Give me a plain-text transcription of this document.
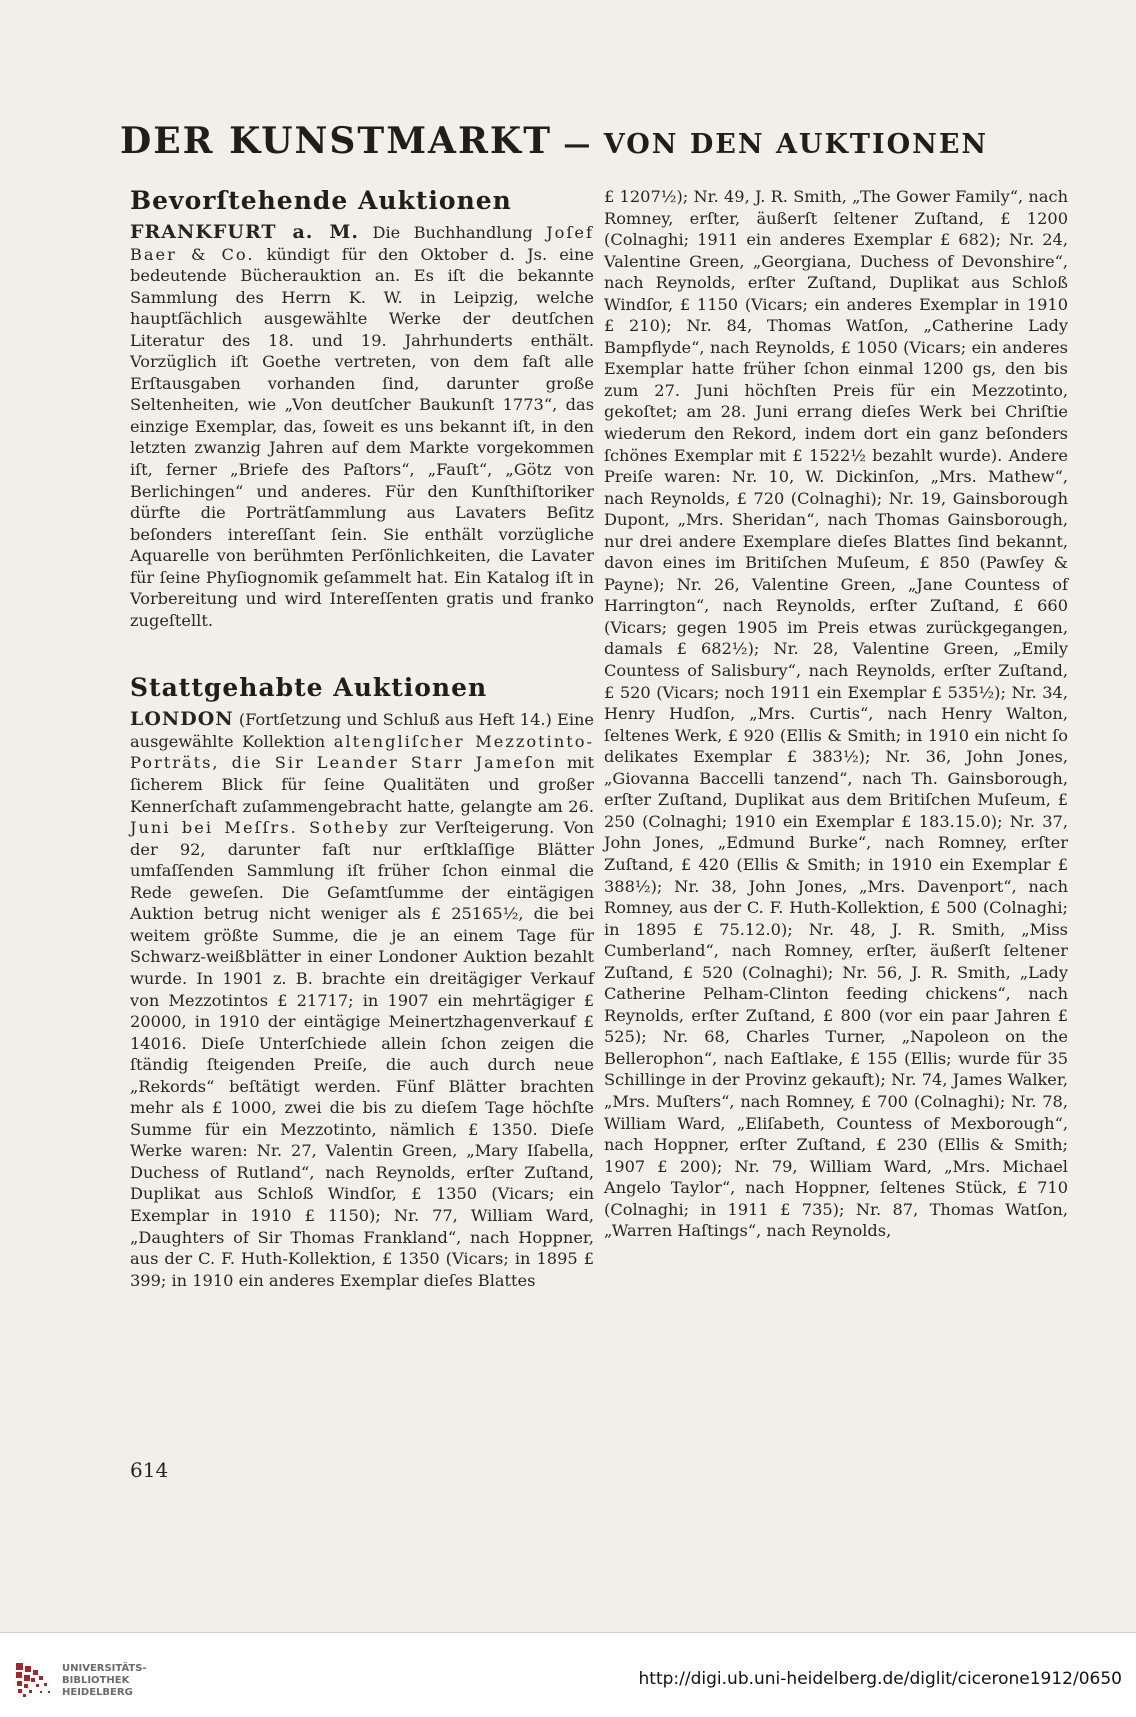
DER KUNSTMARKT — VON DEN AUKTIONEN
Bevorſtehende Auktionen

FRANKFURT a. M. Die Buchhandlung Joſef Baer & Co. kündigt für den Oktober d. Js. eine bedeutende Bücherauktion an. Es iſt die bekannte Sammlung des Herrn K. W. in Leipzig, welche hauptſächlich ausgewählte Werke der deutſchen Literatur des 18. und 19. Jahrhunderts enthält. Vorzüglich iſt Goethe vertreten, von dem faſt alle Erſtausgaben vorhanden ſind, darunter große Seltenheiten, wie „Von deutſcher Baukunſt 1773“, das einzige Exemplar, das, ſoweit es uns bekannt iſt, in den letzten zwanzig Jahren auf dem Markte vorgekommen iſt, ferner „Briefe des Paſtors“, „Fauſt“, „Götz von Berlichingen“ und anderes. Für den Kunſthiſtoriker dürfte die Porträtſammlung aus Lavaters Beſitz beſonders intereſſant ſein. Sie enthält vorzügliche Aquarelle von berühmten Perſönlichkeiten, die Lavater für ſeine Phyſiognomik geſammelt hat. Ein Katalog iſt in Vorbereitung und wird Intereſſenten gratis und franko zugeſtellt.

Stattgehabte Auktionen

LONDON (Fortſetzung und Schluß aus Heft 14.) Eine ausgewählte Kollektion altengliſcher Mezzotinto-Porträts, die Sir Leander Starr Jameſon mit ſicherem Blick für ſeine Qualitäten und großer Kennerſchaft zuſammengebracht hatte, gelangte am 26. Juni bei Meſſrs. Sotheby zur Verſteigerung. Von der 92, darunter faſt nur erſtklaſſige Blätter umfaſſenden Sammlung iſt früher ſchon einmal die Rede geweſen. Die Geſamtſumme der eintägigen Auktion betrug nicht weniger als £ 25165½, die bei weitem größte Summe, die je an einem Tage für Schwarz-weißblätter in einer Londoner Auktion bezahlt wurde. In 1901 z. B. brachte ein dreitägiger Verkauf von Mezzotintos £ 21717; in 1907 ein mehrtägiger £ 20000, in 1910 der eintägige Meinertzhagenverkauf £ 14016. Dieſe Unterſchiede allein ſchon zeigen die ſtändig ſteigenden Preiſe, die auch durch neue „Rekords“ beſtätigt werden. Fünf Blätter brachten mehr als £ 1000, zwei die bis zu dieſem Tage höchſte Summe für ein Mezzotinto, nämlich £ 1350. Dieſe Werke waren: Nr. 27, Valentin Green, „Mary Iſabella, Duchess of Rutland“, nach Reynolds, erſter Zuſtand, Duplikat aus Schloß Windſor, £ 1350 (Vicars; ein Exemplar in 1910 £ 1150); Nr. 77, William Ward, „Daughters of Sir Thomas Frankland“, nach Hoppner, aus der C. F. Huth-Kollektion, £ 1350 (Vicars; in 1895 £ 399; in 1910 ein anderes Exemplar dieſes Blattes

£ 1207½); Nr. 49, J. R. Smith, „The Gower Family“, nach Romney, erſter, äußerſt ſeltener Zuſtand, £ 1200 (Colnaghi; 1911 ein anderes Exemplar £ 682); Nr. 24, Valentine Green, „Georgiana, Duchess of Devonshire“, nach Reynolds, erſter Zuſtand, Duplikat aus Schloß Windſor, £ 1150 (Vicars; ein anderes Exemplar in 1910 £ 210); Nr. 84, Thomas Watſon, „Catherine Lady Bampflyde“, nach Reynolds, £ 1050 (Vicars; ein anderes Exemplar hatte früher ſchon einmal 1200 gs, den bis zum 27. Juni höchſten Preis für ein Mezzotinto, gekoſtet; am 28. Juni errang dieſes Werk bei Chriſtie wiederum den Rekord, indem dort ein ganz beſonders ſchönes Exemplar mit £ 1522½ bezahlt wurde). Andere Preiſe waren: Nr. 10, W. Dickinſon, „Mrs. Mathew“, nach Reynolds, £ 720 (Colnaghi); Nr. 19, Gainsborough Dupont, „Mrs. Sheridan“, nach Thomas Gainsborough, nur drei andere Exemplare dieſes Blattes ſind bekannt, davon eines im Britiſchen Muſeum, £ 850 (Pawſey & Payne); Nr. 26, Valentine Green, „Jane Countess of Harrington“, nach Reynolds, erſter Zuſtand, £ 660 (Vicars; gegen 1905 im Preis etwas zurückgegangen, damals £ 682½); Nr. 28, Valentine Green, „Emily Countess of Salisbury“, nach Reynolds, erſter Zuſtand, £ 520 (Vicars; noch 1911 ein Exemplar £ 535½); Nr. 34, Henry Hudſon, „Mrs. Curtis“, nach Henry Walton, ſeltenes Werk, £ 920 (Ellis & Smith; in 1910 ein nicht ſo delikates Exemplar £ 383½); Nr. 36, John Jones, „Giovanna Baccelli tanzend“, nach Th. Gainsborough, erſter Zuſtand, Duplikat aus dem Britiſchen Muſeum, £ 250 (Colnaghi; 1910 ein Exemplar £ 183.15.0); Nr. 37, John Jones, „Edmund Burke“, nach Romney, erſter Zuſtand, £ 420 (Ellis & Smith; in 1910 ein Exemplar £ 388½); Nr. 38, John Jones, „Mrs. Davenport“, nach Romney, aus der C. F. Huth-Kollektion, £ 500 (Colnaghi; in 1895 £ 75.12.0); Nr. 48, J. R. Smith, „Miss Cumberland“, nach Romney, erſter, äußerſt ſeltener Zuſtand, £ 520 (Colnaghi); Nr. 56, J. R. Smith, „Lady Catherine Pelham-Clinton feeding chickens“, nach Reynolds, erſter Zuſtand, £ 800 (vor ein paar Jahren £ 525); Nr. 68, Charles Turner, „Napoleon on the Bellerophon“, nach Eaſtlake, £ 155 (Ellis; wurde für 35 Schillinge in der Provinz gekauft); Nr. 74, James Walker, „Mrs. Muſters“, nach Romney, £ 700 (Colnaghi); Nr. 78, William Ward, „Eliſabeth, Countess of Mexborough“, nach Hoppner, erſter Zuſtand, £ 230 (Ellis & Smith; 1907 £ 200); Nr. 79, William Ward, „Mrs. Michael Angelo Taylor“, nach Hoppner, ſeltenes Stück, £ 710 (Colnaghi; in 1911 £ 735); Nr. 87, Thomas Watſon, „Warren Haſtings“, nach Reynolds,

614

UNIVERSITÄTS-
BIBLIOTHEK
HEIDELBERG

http://digi.ub.uni-heidelberg.de/diglit/cicerone1912/0650
